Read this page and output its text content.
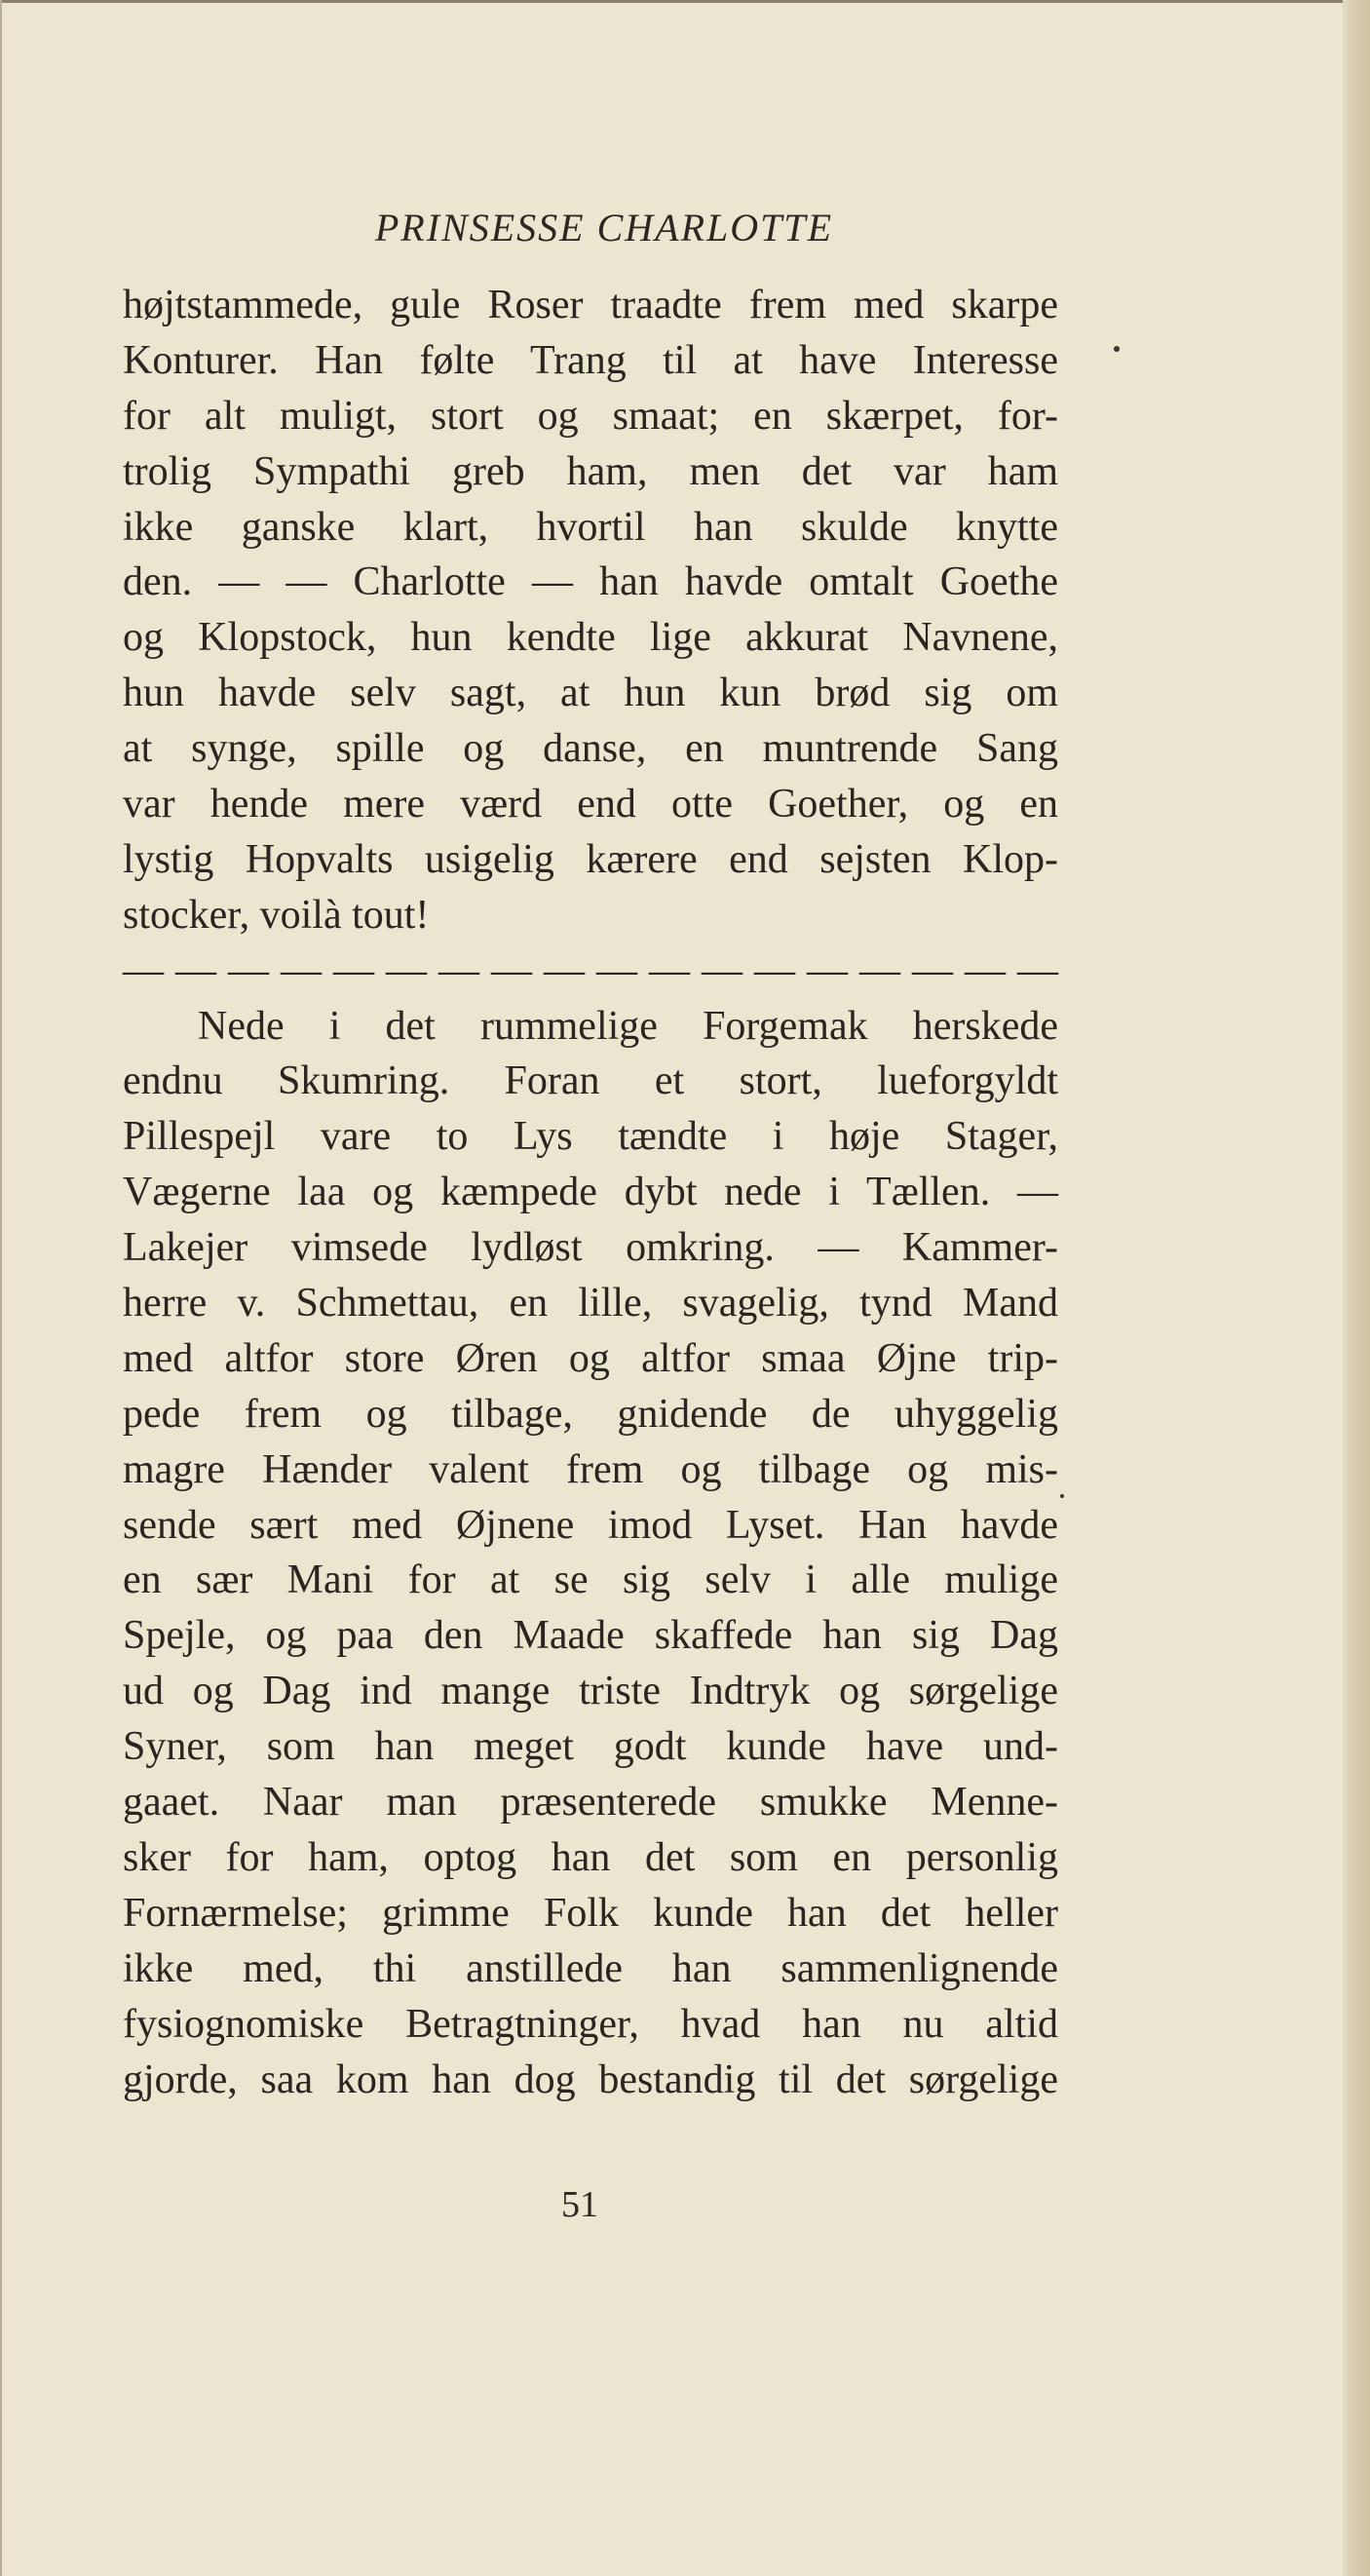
PRINSESSE CHARLOTTE
højtstammede, gule Roser traadte frem med skarpe
Konturer. Han følte Trang til at have Interesse
for alt muligt, stort og smaat; en skærpet, for-
trolig Sympathi greb ham, men det var ham
ikke ganske klart, hvortil han skulde knytte
den. — — Charlotte — han havde omtalt Goethe
og Klopstock, hun kendte lige akkurat Navnene,
hun havde selv sagt, at hun kun brød sig om
at synge, spille og danse, en muntrende Sang
var hende mere værd end otte Goether, og en
lystig Hopvalts usigelig kærere end sejsten Klop-
stocker, voilà tout!
— — — — — — — — — — — — — — — — — —
Nede i det rummelige Forgemak herskede
endnu Skumring. Foran et stort, lueforgyldt
Pillespejl vare to Lys tændte i høje Stager,
Vægerne laa og kæmpede dybt nede i Tællen. —
Lakejer vimsede lydløst omkring. — Kammer-
herre v. Schmettau, en lille, svagelig, tynd Mand
med altfor store Øren og altfor smaa Øjne trip-
pede frem og tilbage, gnidende de uhyggelig
magre Hænder valent frem og tilbage og mis-
sende sært med Øjnene imod Lyset. Han havde
en sær Mani for at se sig selv i alle mulige
Spejle, og paa den Maade skaffede han sig Dag
ud og Dag ind mange triste Indtryk og sørgelige
Syner, som han meget godt kunde have und-
gaaet. Naar man præsenterede smukke Menne-
sker for ham, optog han det som en personlig
Fornærmelse; grimme Folk kunde han det heller
ikke med, thi anstillede han sammenlignende
fysiognomiske Betragtninger, hvad han nu altid
gjorde, saa kom han dog bestandig til det sørgelige
51
